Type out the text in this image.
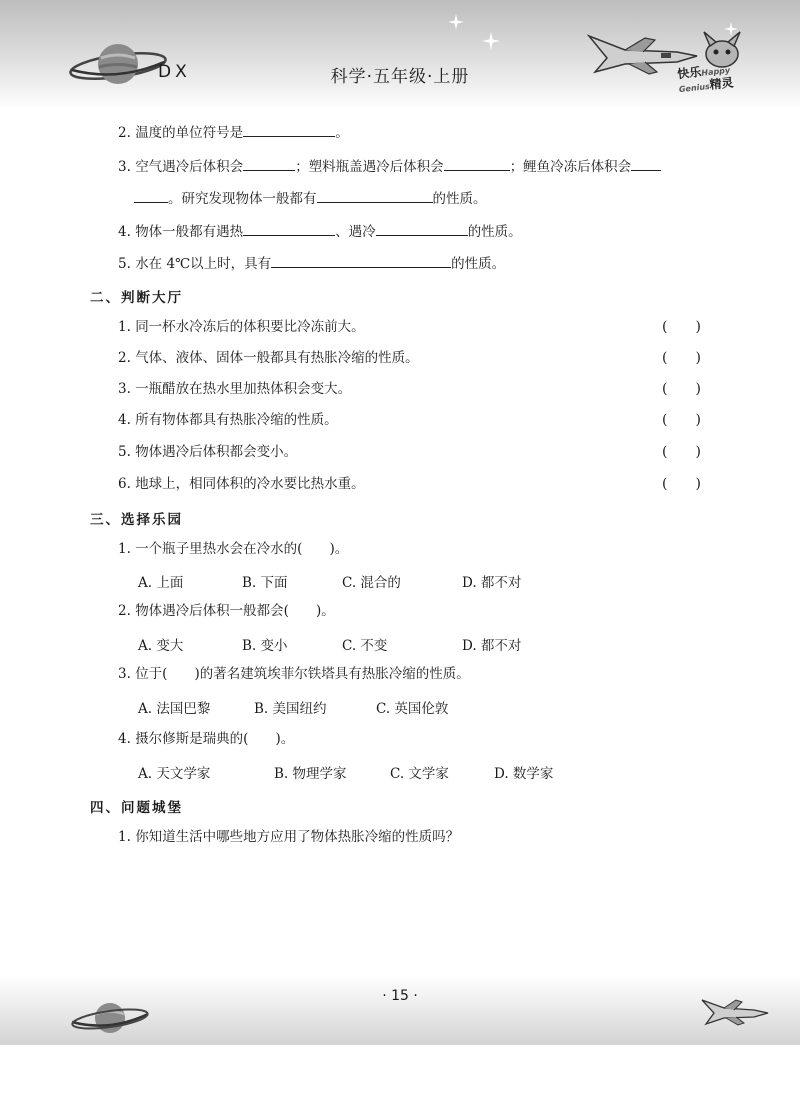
快乐Happy Genius精灵
DX	科学·五年级·上册
2. 温度的单位符号是	。
3. 空气遇冷后体积会	；塑料瓶盖遇冷后体积会	；鲤鱼冷冻后体积会
。研究发现物体一般都有	的性质。
4. 物体一般都有遇热	、遇冷	的性质。
5. 水在 4℃以上时，具有	的性质。
二、判断大厅
1. 同一杯水冷冻后的体积要比冷冻前大。	(　　)
2. 气体、液体、固体一般都具有热胀冷缩的性质。	(　　)
3. 一瓶醋放在热水里加热体积会变大。	(　　)
4. 所有物体都具有热胀冷缩的性质。	(　　)
5. 物体遇冷后体积都会变小。	(　　)
6. 地球上，相同体积的冷水要比热水重。	(　　)
三、选择乐园
1. 一个瓶子里热水会在冷水的(　　)。
A. 上面	B. 下面	C. 混合的	D. 都不对
2. 物体遇冷后体积一般都会(　　)。
A. 变大	B. 变小	C. 不变	D. 都不对
3. 位于(　　)的著名建筑埃菲尔铁塔具有热胀冷缩的性质。
A. 法国巴黎	B. 美国纽约	C. 英国伦敦
4. 摄尔修斯是瑞典的(　　)。
A. 天文学家	B. 物理学家	C. 文学家	D. 数学家
四、问题城堡
1. 你知道生活中哪些地方应用了物体热胀冷缩的性质吗？
· 15 ·
